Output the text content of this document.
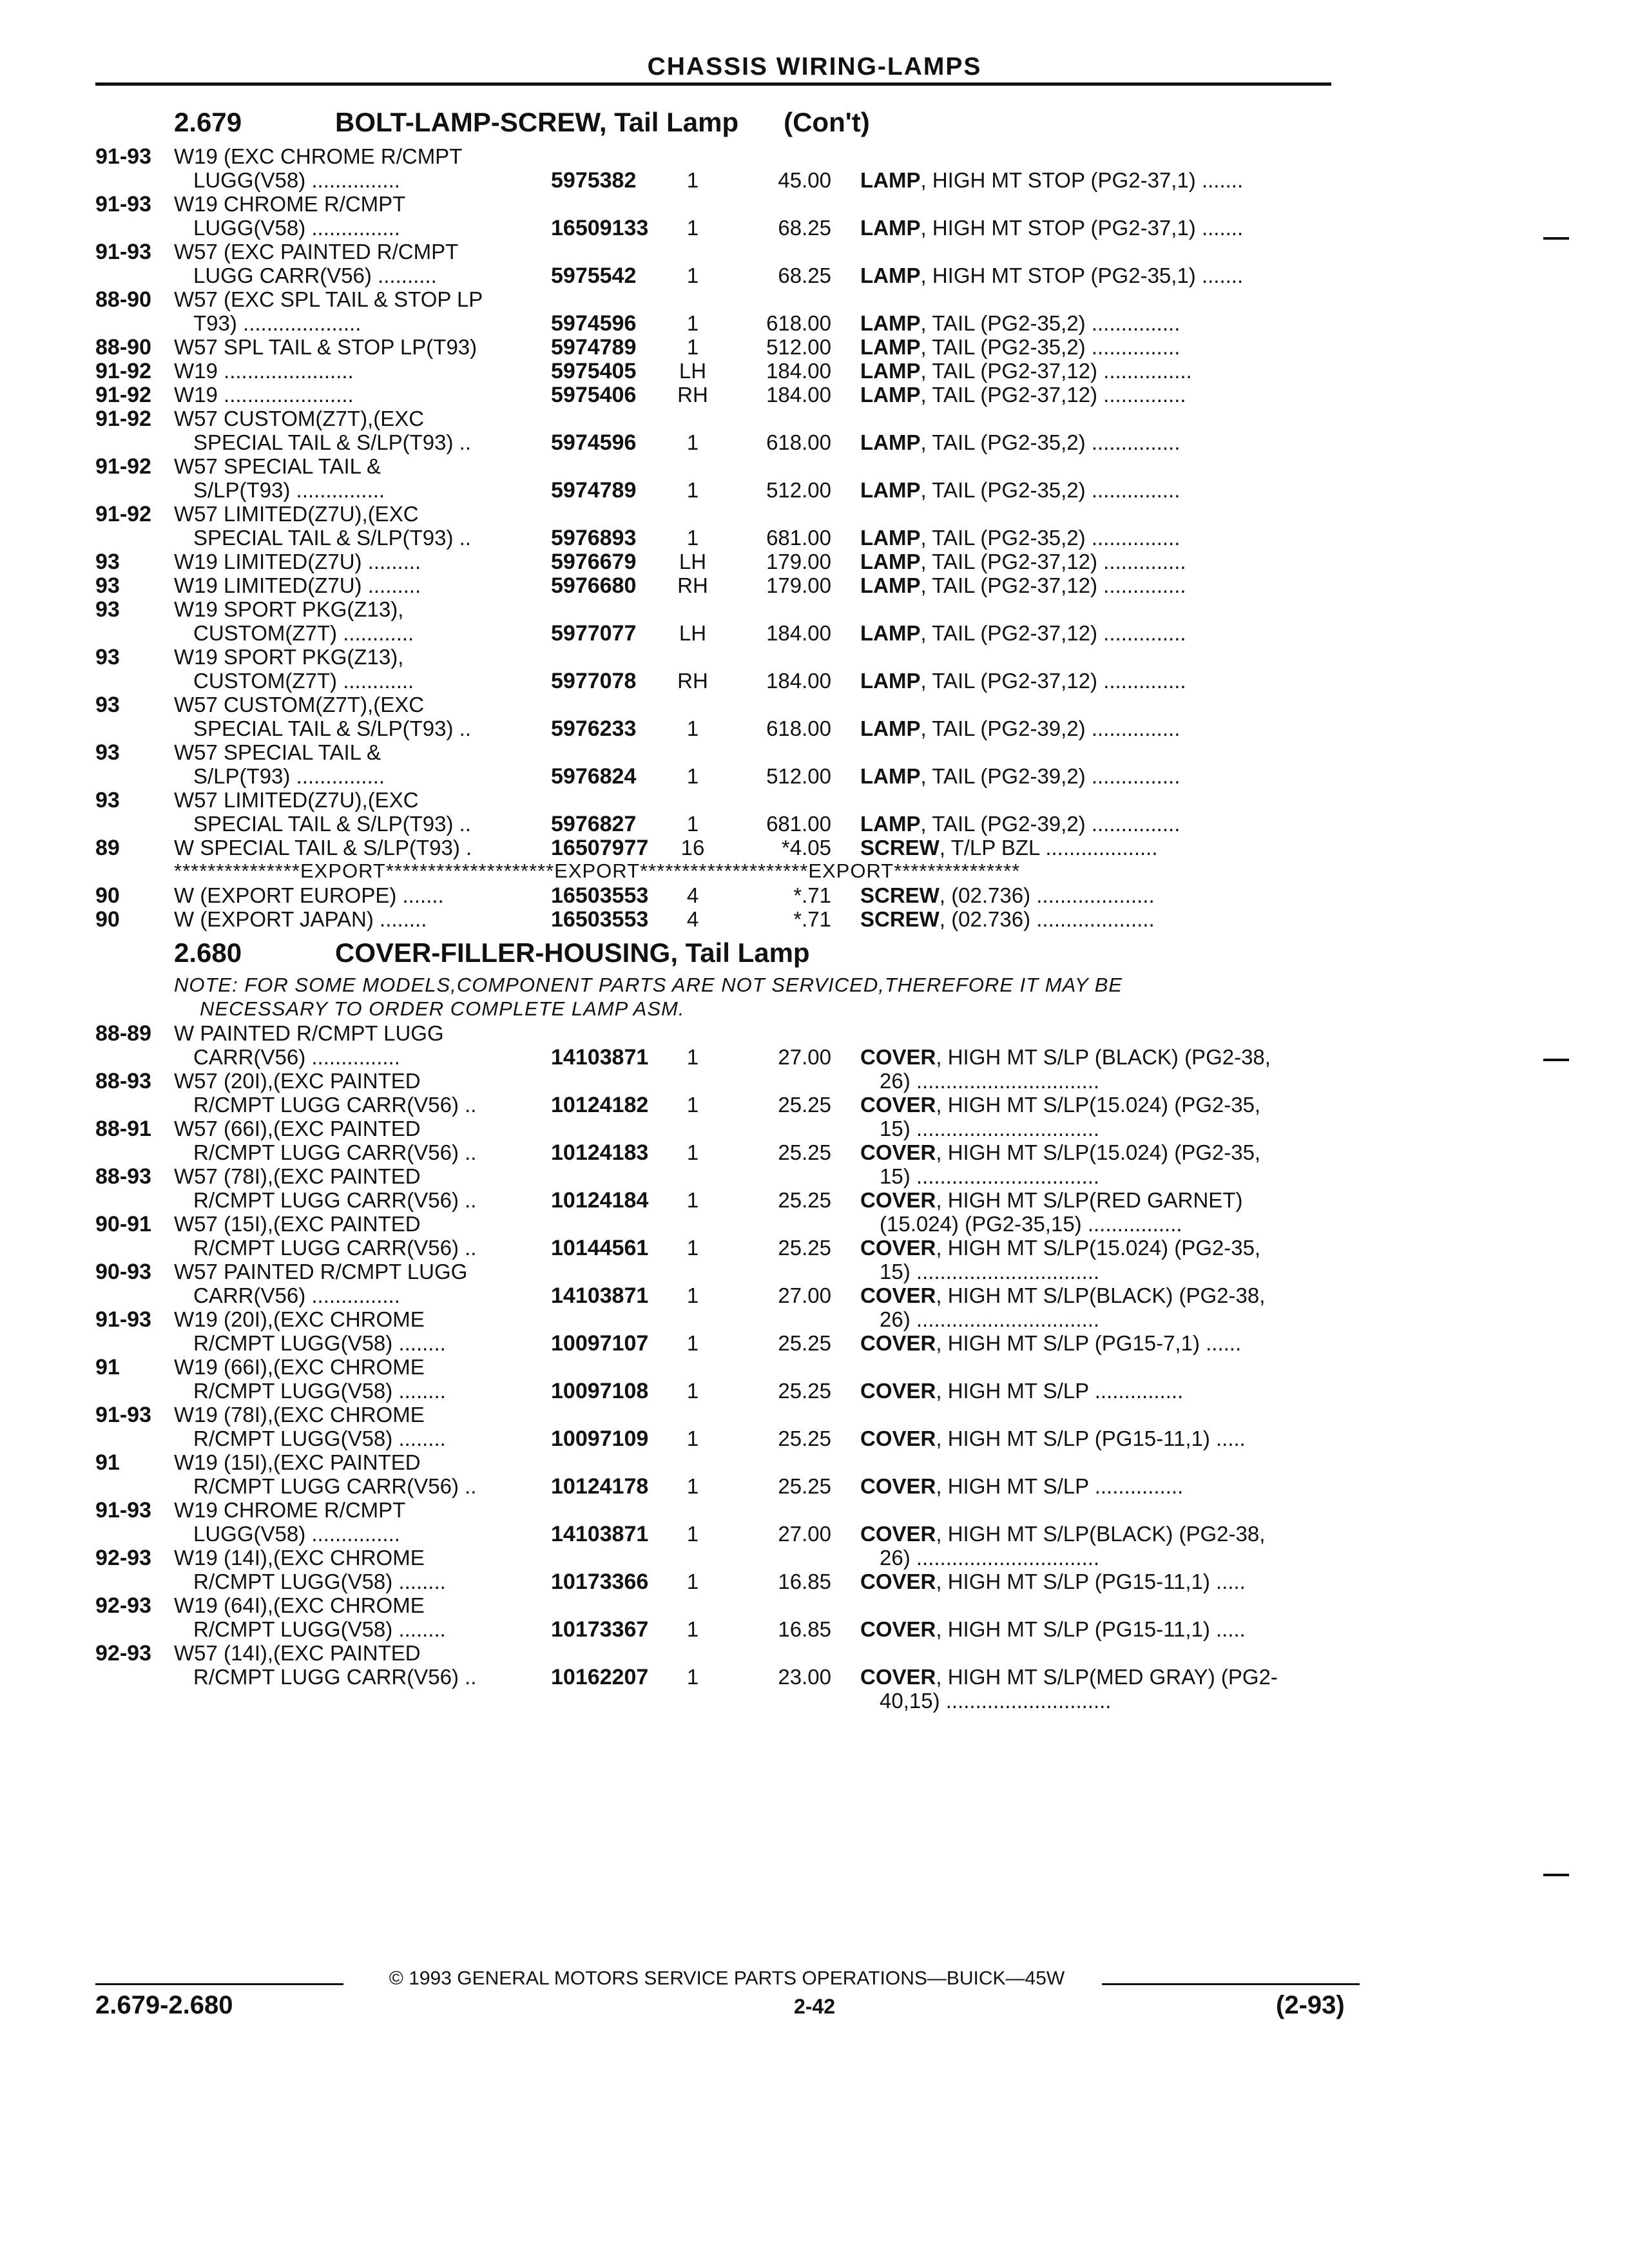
CHASSIS WIRING-LAMPS
2.679	BOLT-LAMP-SCREW, Tail Lamp (Con't)
91-93 W19 (EXC CHROME R/CMPT
LUGG(V58) ...............	5975382	1	45.00 LAMP, HIGH MT STOP (PG2-37,1) .......
91-93 W19 CHROME R/CMPT
LUGG(V58) ...............	16509133	1	68.25 LAMP, HIGH MT STOP (PG2-37,1) .......
91-93 W57 (EXC PAINTED R/CMPT
LUGG CARR(V56) ..........	5975542	1	68.25 LAMP, HIGH MT STOP (PG2-35,1) .......
88-90 W57 (EXC SPL TAIL & STOP LP
T93) ....................	5974596	1	618.00 LAMP, TAIL (PG2-35,2) ...............
88-90 W57 SPL TAIL & STOP LP(T93)	5974789	1	512.00 LAMP, TAIL (PG2-35,2) ...............
91-92 W19 ......................	5975405	LH	184.00 LAMP, TAIL (PG2-37,12) ...............
91-92 W19 ......................	5975406	RH	184.00 LAMP, TAIL (PG2-37,12) ..............
91-92 W57 CUSTOM(Z7T),(EXC
SPECIAL TAIL & S/LP(T93) ..	5974596	1	618.00 LAMP, TAIL (PG2-35,2) ...............
91-92 W57 SPECIAL TAIL &
S/LP(T93) ...............	5974789	1	512.00 LAMP, TAIL (PG2-35,2) ...............
91-92 W57 LIMITED(Z7U),(EXC
SPECIAL TAIL & S/LP(T93) ..	5976893	1	681.00 LAMP, TAIL (PG2-35,2) ...............
93	W19 LIMITED(Z7U) .........	5976679	LH	179.00 LAMP, TAIL (PG2-37,12) ..............
93	W19 LIMITED(Z7U) .........	5976680	RH	179.00 LAMP, TAIL (PG2-37,12) ..............
93	W19 SPORT PKG(Z13),
CUSTOM(Z7T) ............	5977077	LH	184.00 LAMP, TAIL (PG2-37,12) ..............
93	W19 SPORT PKG(Z13),
CUSTOM(Z7T) ............	5977078	RH	184.00 LAMP, TAIL (PG2-37,12) ..............
93	W57 CUSTOM(Z7T),(EXC
SPECIAL TAIL & S/LP(T93) ..	5976233	1	618.00 LAMP, TAIL (PG2-39,2) ...............
93	W57 SPECIAL TAIL &
S/LP(T93) ...............	5976824	1	512.00 LAMP, TAIL (PG2-39,2) ...............
93	W57 LIMITED(Z7U),(EXC
SPECIAL TAIL & S/LP(T93) ..	5976827	1	681.00 LAMP, TAIL (PG2-39,2) ...............
89	W SPECIAL TAIL & S/LP(T93) .	16507977	16	*4.05 SCREW, T/LP BZL ...................
***************EXPORT********************EXPORT********************EXPORT***************
90	W (EXPORT EUROPE) .......	16503553	4	*.71 SCREW, (02.736) ....................
90	W (EXPORT JAPAN) ........	16503553	4	*.71 SCREW, (02.736) ....................
2.680	COVER-FILLER-HOUSING, Tail Lamp
NOTE: FOR SOME MODELS,COMPONENT PARTS ARE NOT SERVICED,THEREFORE IT MAY BE
NECESSARY TO ORDER COMPLETE LAMP ASM.
88-89 W PAINTED R/CMPT LUGG
CARR(V56) ...............	14103871	1	27.00 COVER, HIGH MT S/LP (BLACK) (PG2-38,
26) ...............................
88-93 W57 (20I),(EXC PAINTED
R/CMPT LUGG CARR(V56) ..	10124182	1	25.25 COVER, HIGH MT S/LP(15.024) (PG2-35,
15) ...............................
88-91 W57 (66I),(EXC PAINTED
R/CMPT LUGG CARR(V56) ..	10124183	1	25.25 COVER, HIGH MT S/LP(15.024) (PG2-35,
15) ...............................
88-93 W57 (78I),(EXC PAINTED
R/CMPT LUGG CARR(V56) ..	10124184	1	25.25 COVER, HIGH MT S/LP(RED GARNET)
(15.024) (PG2-35,15) ................
90-91 W57 (15I),(EXC PAINTED
R/CMPT LUGG CARR(V56) ..	10144561	1	25.25 COVER, HIGH MT S/LP(15.024) (PG2-35,
15) ...............................
90-93 W57 PAINTED R/CMPT LUGG
CARR(V56) ...............	14103871	1	27.00 COVER, HIGH MT S/LP(BLACK) (PG2-38,
26) ...............................
91-93 W19 (20I),(EXC CHROME
R/CMPT LUGG(V58) ........	10097107	1	25.25 COVER, HIGH MT S/LP (PG15-7,1) ......
91	W19 (66I),(EXC CHROME
R/CMPT LUGG(V58) ........	10097108	1	25.25 COVER, HIGH MT S/LP ...............
91-93 W19 (78I),(EXC CHROME
R/CMPT LUGG(V58) ........	10097109	1	25.25 COVER, HIGH MT S/LP (PG15-11,1) .....
91	W19 (15I),(EXC PAINTED
R/CMPT LUGG CARR(V56) ..	10124178	1	25.25 COVER, HIGH MT S/LP ...............
91-93 W19 CHROME R/CMPT
LUGG(V58) ...............	14103871	1	27.00 COVER, HIGH MT S/LP(BLACK) (PG2-38,
26) ...............................
92-93 W19 (14I),(EXC CHROME
R/CMPT LUGG(V58) ........	10173366	1	16.85 COVER, HIGH MT S/LP (PG15-11,1) .....
92-93 W19 (64I),(EXC CHROME
R/CMPT LUGG(V58) ........	10173367	1	16.85 COVER, HIGH MT S/LP (PG15-11,1) .....
92-93 W57 (14I),(EXC PAINTED
R/CMPT LUGG CARR(V56) ..	10162207	1	23.00 COVER, HIGH MT S/LP(MED GRAY) (PG2-
40,15) ............................
© 1993 GENERAL MOTORS SERVICE PARTS OPERATIONS—BUICK—45W
2.679-2.680	2-42	(2-93)
